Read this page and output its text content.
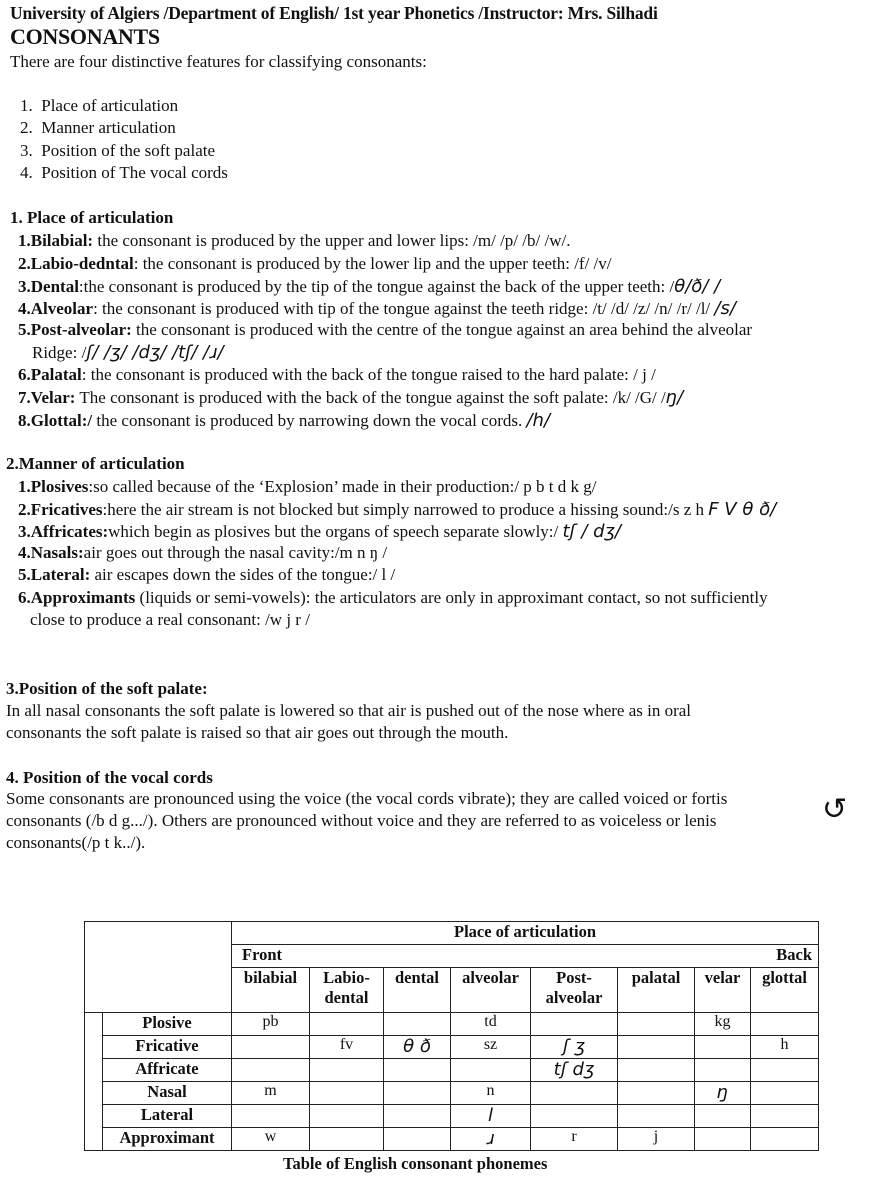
University of Algiers /Department of English/ 1st year Phonetics /Instructor: Mrs. Silhadi
CONSONANTS
There are four distinctive features for classifying consonants:
1. Place of articulation
2. Manner articulation
3. Position of the soft palate
4. Position of The vocal cords
1. Place of articulation
1.Bilabial: the consonant is produced by the upper and lower lips: /m/ /p/ /b/ /w/.
2.Labio-dedntal: the consonant is produced by the lower lip and the upper teeth: /f/ /v/
3.Dental:the consonant is produced by the tip of the tongue against the back of the upper teeth: /θ/ð/ /
4.Alveolar: the consonant is produced with tip of the tongue against the teeth ridge: /t/ /d/ /z/ /n/ /r/ /l/ /s/
5.Post-alveolar: the consonant is produced with the centre of the tongue against an area behind the alveolar
Ridge: /ʃ/ /ʒ/ /dʒ/ /tʃ/ /ɹ/
6.Palatal: the consonant is produced with the back of the tongue raised to the hard palate: / j /
7.Velar: The consonant is produced with the back of the tongue against the soft palate: /k/ /G/ /ŋ/
8.Glottal:/ the consonant is produced by narrowing down the vocal cords. /h/
2.Manner of articulation
1.Plosives:so called because of the ‘Explosion’ made in their production:/ p b t d k g/
2.Fricatives:here the air stream is not blocked but simply narrowed to produce a hissing sound:/s z h F V θ ð/
3.Affricates:which begin as plosives but the organs of speech separate slowly:/ tʃ / dʒ/
4.Nasals:air goes out through the nasal cavity:/m n ŋ /
5.Lateral: air escapes down the sides of the tongue:/ l /
6.Approximants (liquids or semi-vowels): the articulators are only in approximant contact, so not sufficiently
close to produce a real consonant: /w j r /
3.Position of the soft palate:
In all nasal consonants the soft palate is lowered so that air is pushed out of the nose where as in oral
consonants the soft palate is raised so that air goes out through the mouth.
4. Position of the vocal cords
Some consonants are pronounced using the voice (the vocal cords vibrate); they are called voiced or fortis
consonants (/b d g.../). Others are pronounced without voice and they are referred to as voiceless or lenis
consonants(/p t k../).
↺
		Place of articulation							

		Front Back							

		bilabial	Labio-dental	dental	alveolar	Post-alveolar	palatal	velar	glottal
	Plosive	pb			td			kg	
	Fricative		fv	θ ð	sz	ʃ ʒ			h
	Affricate					tʃ dʒ			
	Nasal	m			n			ŋ	
	Lateral				l				
	Approximant	w			ɹ	r	j		
Table of English consonant phonemes
